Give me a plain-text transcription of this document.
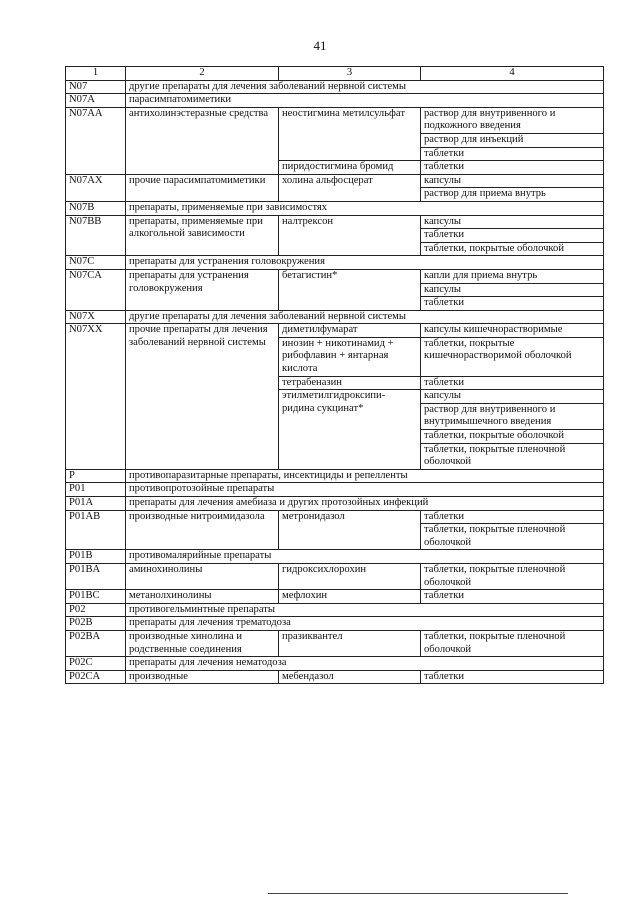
41
1	2	3	4
N07	другие препараты для лечения заболеваний нервной системы		
N07A	парасимпатомиметики		
N07AA	антихолинэстеразные средства	неостигмина метилсульфат	раствор для внутривенного и подкожного введения
			раствор для инъекций
			таблетки
		пиридостигмина бромид	таблетки
N07AX	прочие парасимпатомиметики	холина альфосцерат	капсулы
			раствор для приема внутрь
N07B	препараты, применяемые при зависимостях		
N07BB	препараты, применяемые при алкогольной зависимости	налтрексон	капсулы
			таблетки
			таблетки, покрытые оболочкой
N07C	препараты для устранения головокружения		
N07CA	препараты для устранения головокружения	бетагистин*	капли для приема внутрь
			капсулы
			таблетки
N07X	другие препараты для лечения заболеваний нервной системы		
N07XX	прочие препараты для лечения заболеваний нервной системы	диметилфумарат	капсулы кишечнорастворимые
		инозин + никотинамид + рибофлавин + янтарная кислота	таблетки, покрытые кишечнорастворимой оболочкой
		тетрабеназин	таблетки
		этилметилгидроксипи-ридина сукцинат*	капсулы
			раствор для внутривенного и внутримышечного введения
			таблетки, покрытые оболочкой
			таблетки, покрытые пленочной оболочкой
P	противопаразитарные препараты, инсектициды и репелленты		
P01	противопротозойные препараты		
P01A	препараты для лечения амебиаза и других протозойных инфекций		
P01AB	производные нитроимидазола	метронидазол	таблетки
			таблетки, покрытые пленочной оболочкой
P01B	противомалярийные препараты		
P01BA	аминохинолины	гидроксихлорохин	таблетки, покрытые пленочной оболочкой
P01BC	метанолхинолины	мефлохин	таблетки
P02	противогельминтные препараты		
P02B	препараты для лечения трематодоза		
P02BA	производные хинолина и родственные соединения	празиквантел	таблетки, покрытые пленочной оболочкой
P02C	препараты для лечения нематодоза		
P02CA	производные	мебендазол	таблетки
